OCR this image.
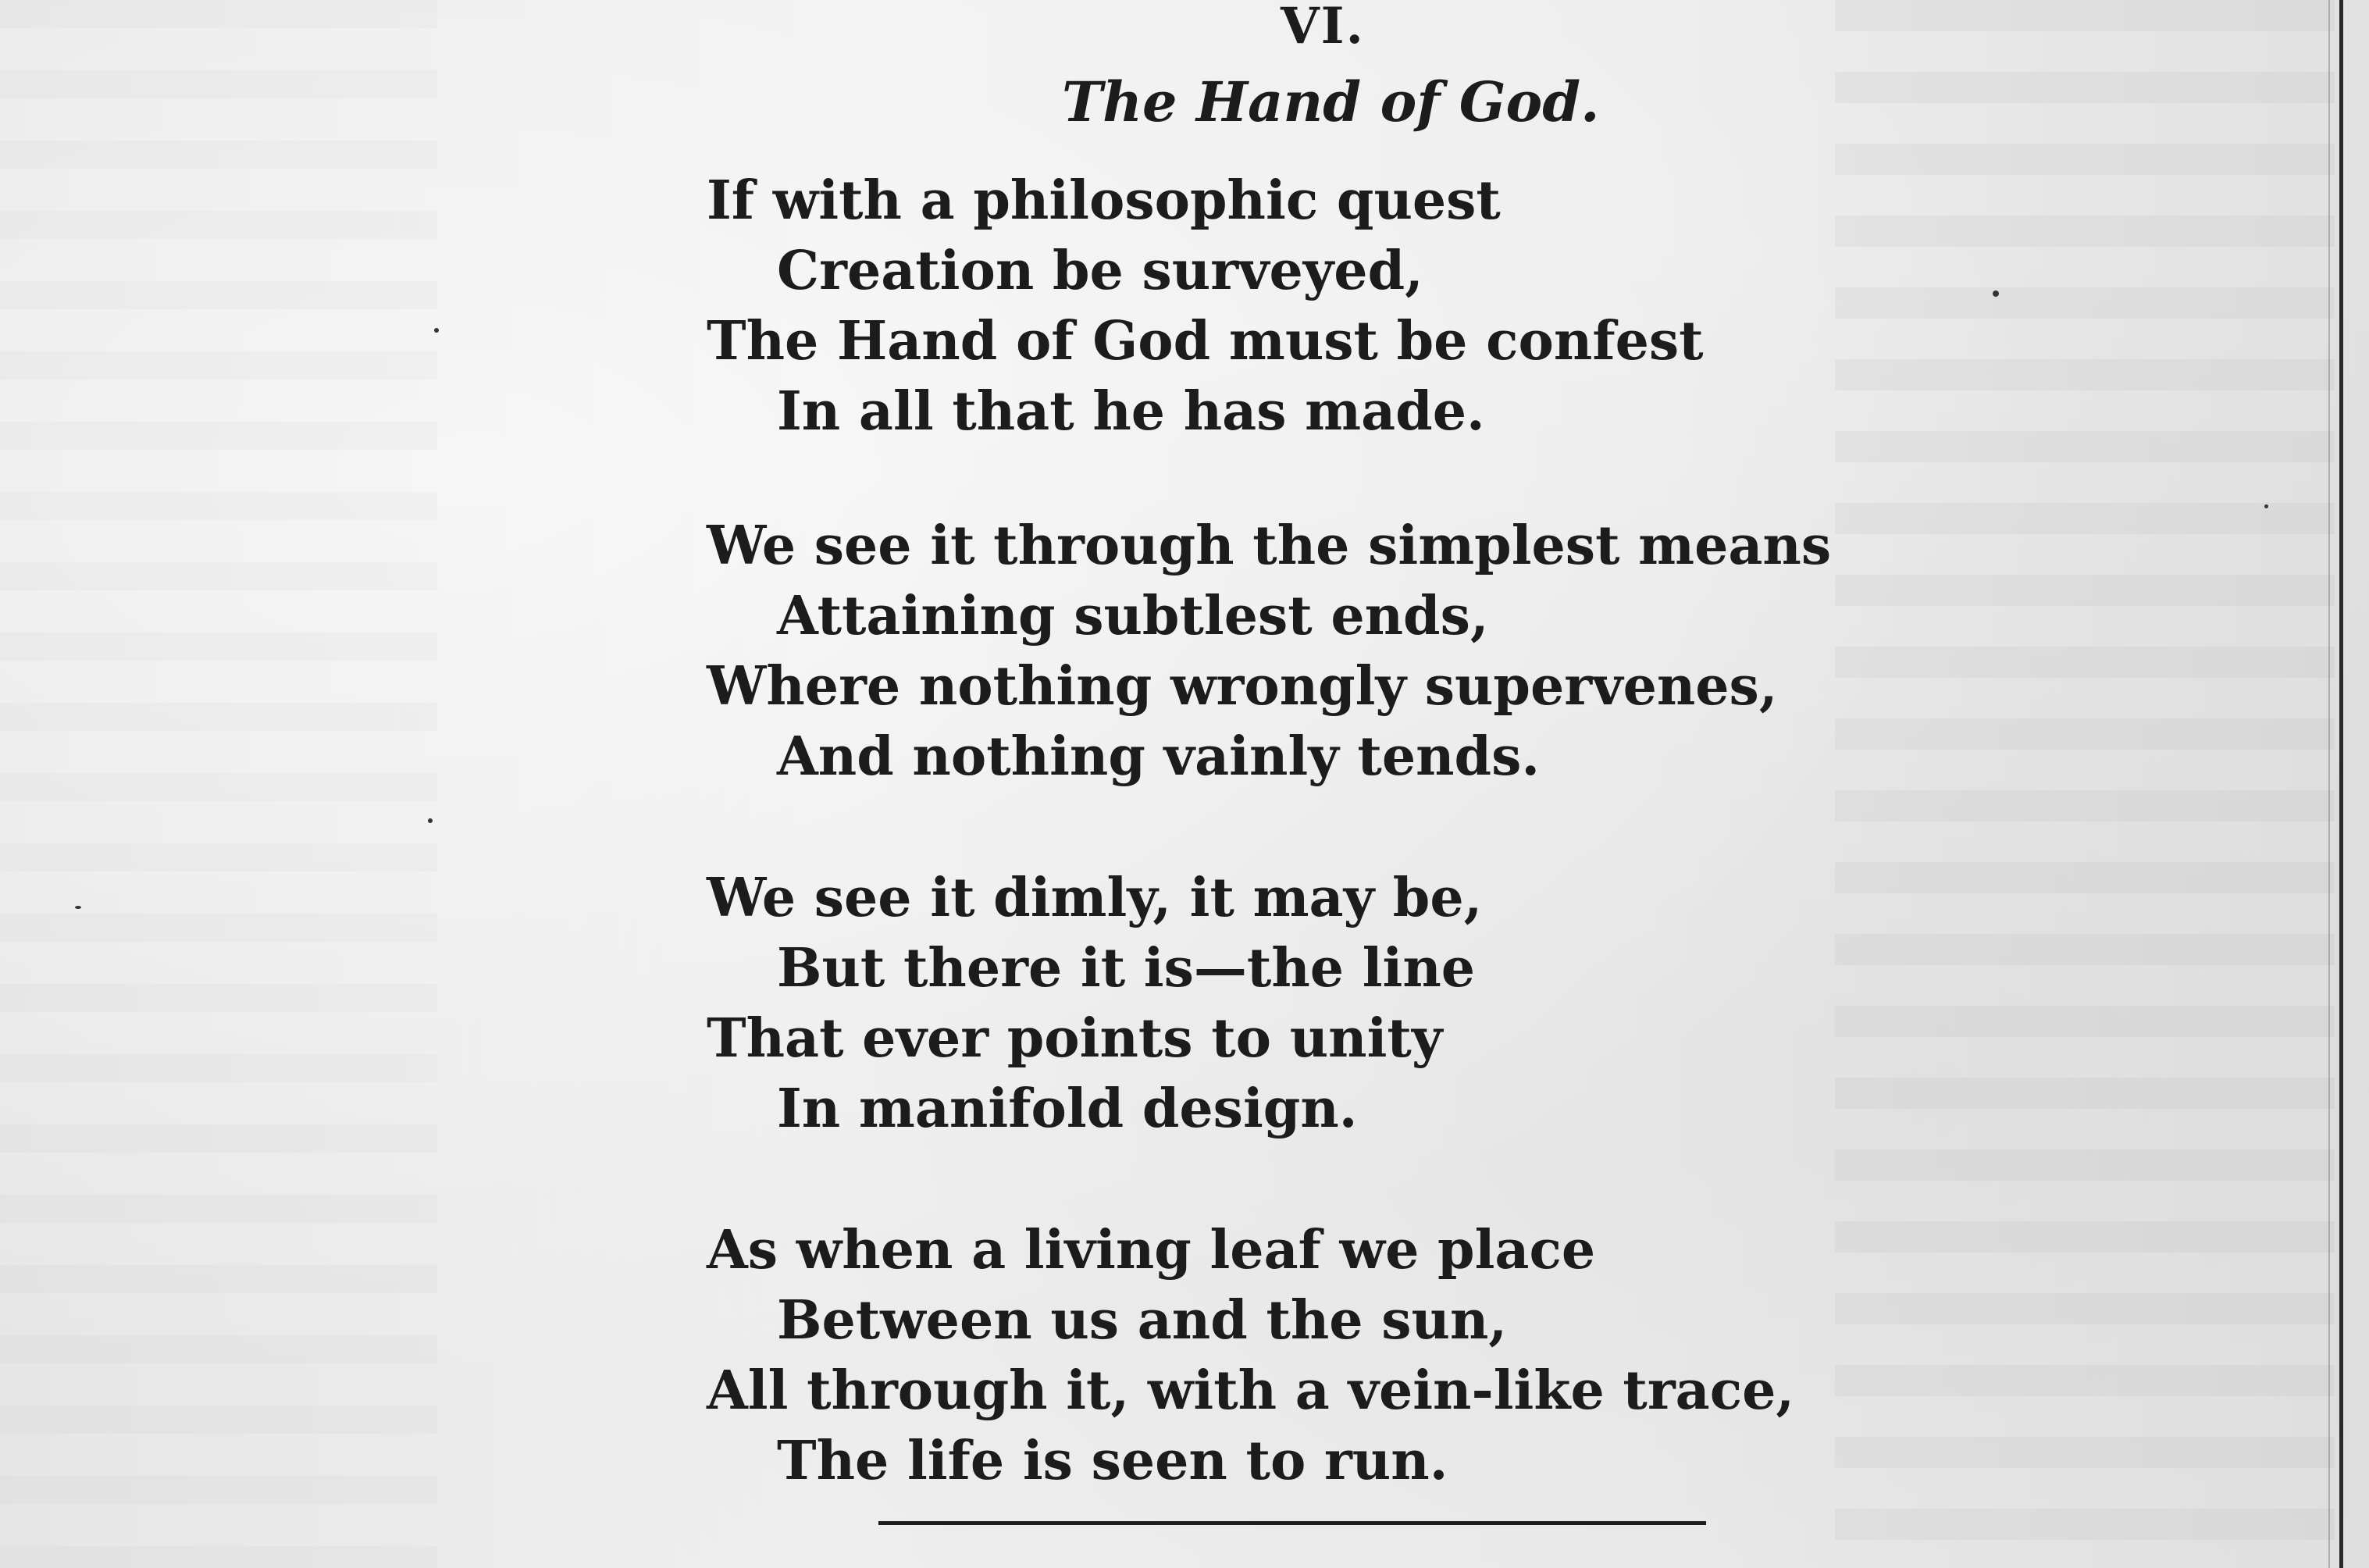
VI.
The Hand of God.
If with a philosophic quest
Creation be surveyed,
The Hand of God must be confest
In all that he has made.
We see it through the simplest means
Attaining subtlest ends,
Where nothing wrongly supervenes,
And nothing vainly tends.
We see it dimly, it may be,
But there it is—the line
That ever points to unity
In manifold design.
As when a living leaf we place
Between us and the sun,
All through it, with a vein-like trace,
The life is seen to run.
